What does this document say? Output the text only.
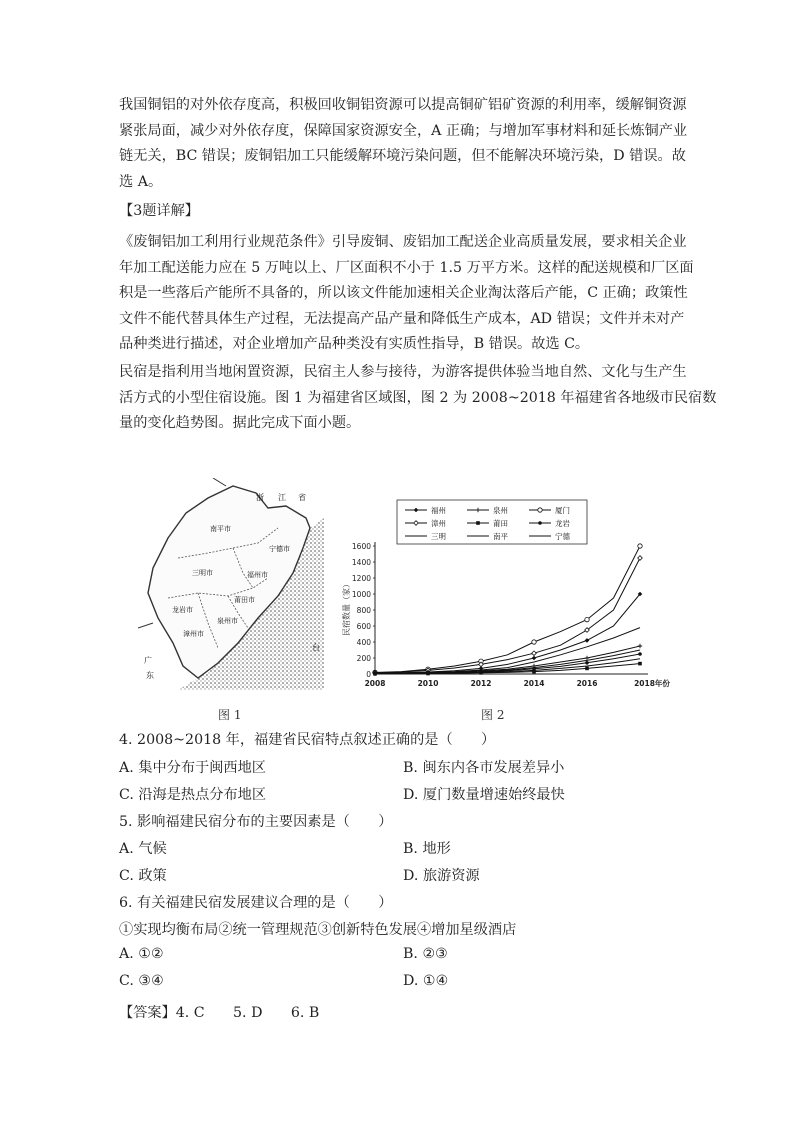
我国铜铝的对外依存度高，积极回收铜铝资源可以提高铜矿铝矿资源的利用率，缓解铜资源
紧张局面，减少对外依存度，保障国家资源安全，A 正确；与增加军事材料和延长炼铜产业
链无关，BC 错误；废铜铝加工只能缓解环境污染问题，但不能解决环境污染，D 错误。故
选 A。
【3题详解】
《废铜铝加工利用行业规范条件》引导废铜、废铝加工配送企业高质量发展，要求相关企业
年加工配送能力应在 5 万吨以上、厂区面积不小于 1.5 万平方米。这样的配送规模和厂区面
积是一些落后产能所不具备的，所以该文件能加速相关企业淘汰落后产能，C 正确；政策性
文件不能代替具体生产过程，无法提高产品产量和降低生产成本，AD 错误；文件并未对产
品种类进行描述，对企业增加产品种类没有实质性指导，B 错误。故选 C。
民宿是指利用当地闲置资源，民宿主人参与接待，为游客提供体验当地自然、文化与生产生
活方式的小型住宿设施。图 1 为福建省区域图，图 2 为 2008~2018 年福建省各地级市民宿数
量的变化趋势图。据此完成下面小题。
南平市
宁德市
三明市	福州市
莆田市
龙岩市
泉州市
漳州市
浙 江 省
广
东
台
图 1
福州	泉州	厦门
漳州	莆田	龙岩
三明	南平	宁德
民宿数量（家）
0
200
400
600
800
1000
1200
1400
1600
2008	2010	2012	2014	2016	2018年份
图 2
4. 2008~2018 年，福建省民宿特点叙述正确的是（　　）
A. 集中分布于闽西地区	B. 闽东内各市发展差异小
C. 沿海是热点分布地区	D. 厦门数量增速始终最快
5. 影响福建民宿分布的主要因素是（　　）
A. 气候	B. 地形
C. 政策	D. 旅游资源
6. 有关福建民宿发展建议合理的是（　　）
①实现均衡布局②统一管理规范③创新特色发展④增加星级酒店
A. ①②	B. ②③
C. ③④	D. ①④
【答案】4. C　　5. D　　6. B
